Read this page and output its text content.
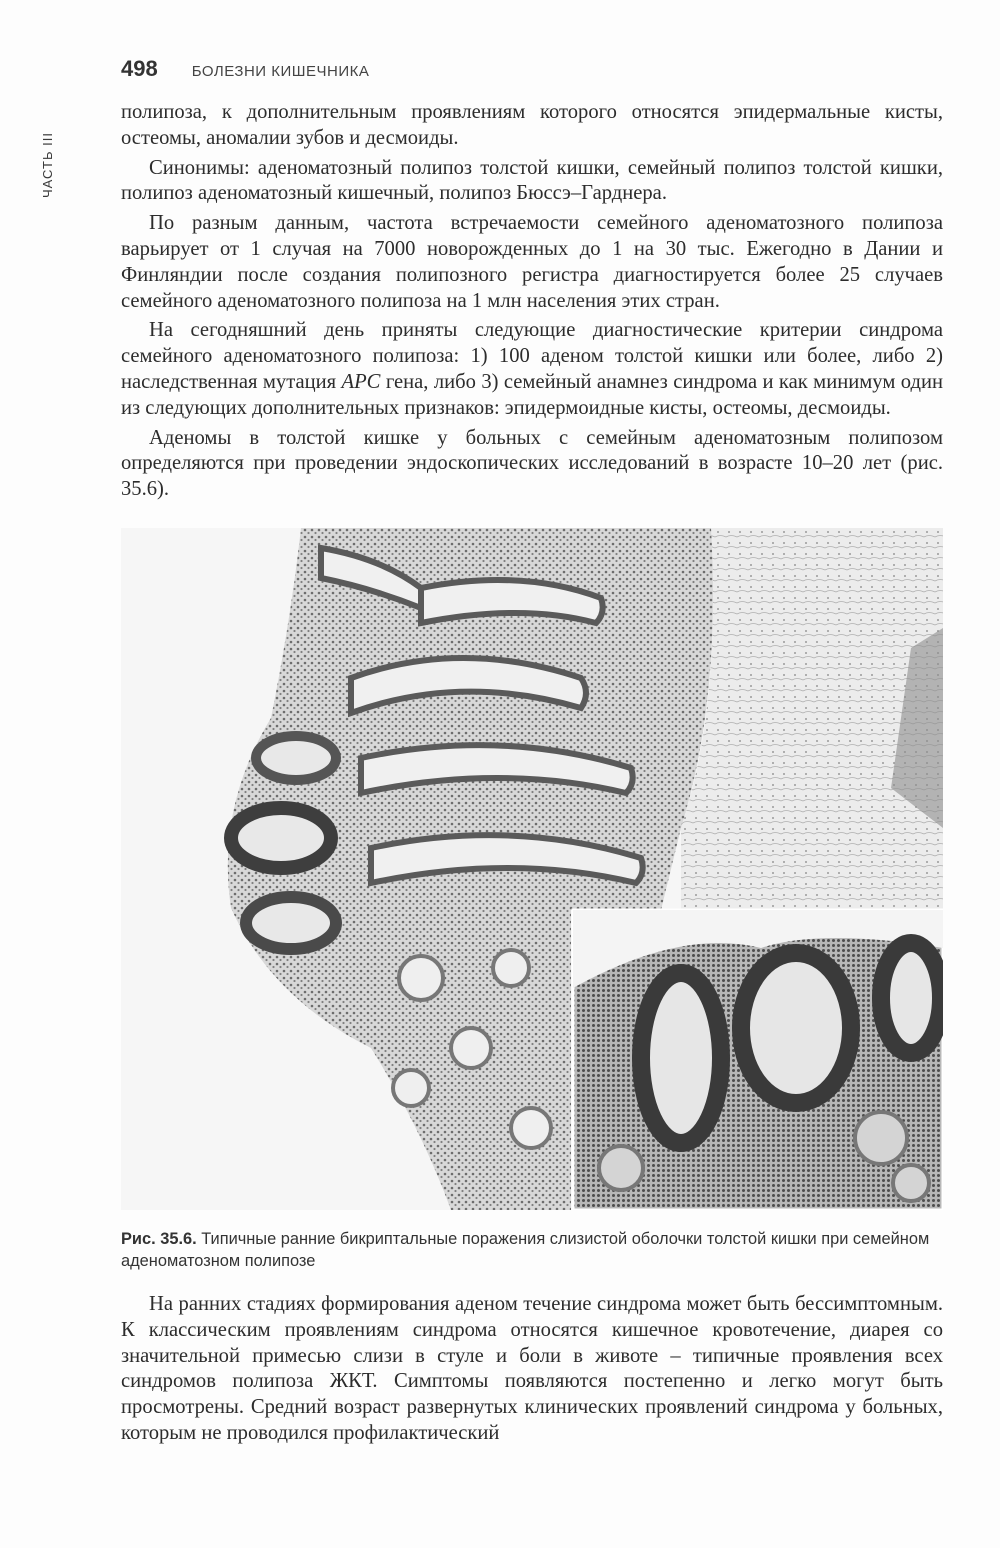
ЧАСТЬ III
498 БОЛЕЗНИ КИШЕЧНИКА

полипоза, к дополнительным проявлениям которого относятся эпидермальные кисты, остеомы, аномалии зубов и десмоиды.

Синонимы: аденоматозный полипоз толстой кишки, семейный полипоз толстой кишки, полипоз аденоматозный кишечный, полипоз Бюссэ–Гарднера.

По разным данным, частота встречаемости семейного аденоматозного полипоза варьирует от 1 случая на 7000 новорожденных до 1 на 30 тыс. Ежегодно в Дании и Финляндии после создания полипозного регистра диагностируется более 25 случаев семейного аденоматозного полипоза на 1 млн населения этих стран.

На сегодняшний день приняты следующие диагностические критерии синдрома семейного аденоматозного полипоза: 1) 100 аденом толстой кишки или более, либо 2) наследственная мутация APC гена, либо 3) семейный анамнез синдрома и как минимум один из следующих дополнительных признаков: эпидермоидные кисты, остеомы, десмоиды.

Аденомы в толстой кишке у больных с семейным аденоматозным полипозом определяются при проведении эндоскопических исследований в возрасте 10–20 лет (рис. 35.6).

Рис. 35.6. Типичные ранние бикриптальные поражения слизистой оболочки толстой кишки при семейном аденоматозном полипозе

На ранних стадиях формирования аденом течение синдрома может быть бессимптомным. К классическим проявлениям синдрома относятся кишечное кровотечение, диарея со значительной примесью слизи в стуле и боли в животе – типичные проявления всех синдромов полипоза ЖКТ. Симптомы появляются постепенно и легко могут быть просмотрены. Средний возраст развернутых клинических проявлений синдрома у больных, которым не проводился профилактический
